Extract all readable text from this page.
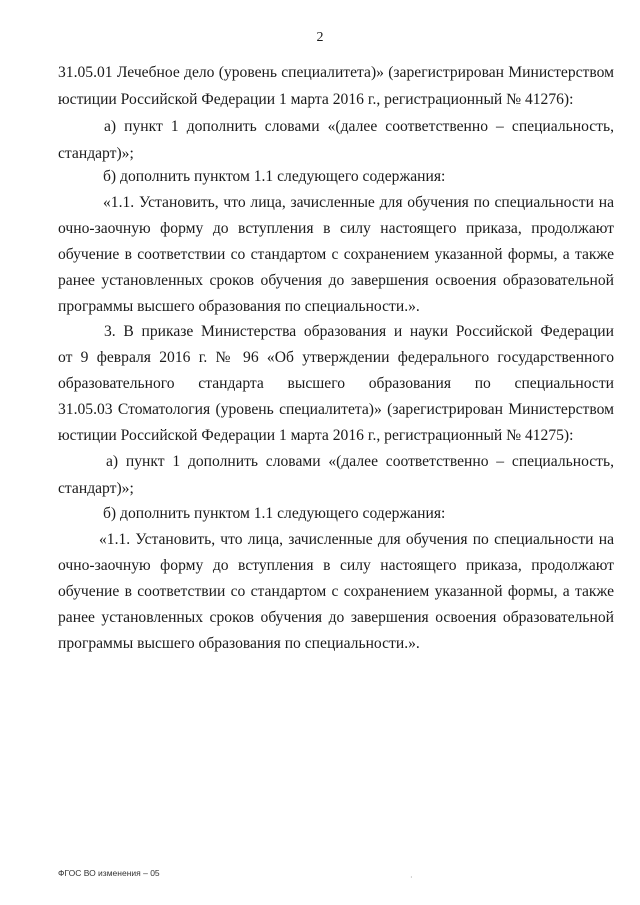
2
31.05.01 Лечебное дело (уровень специалитета)» (зарегистрирован Министерством
юстиции Российской Федерации 1 марта 2016 г., регистрационный № 41276):
а) пункт 1 дополнить словами «(далее соответственно – специальность,
стандарт)»;
б) дополнить пунктом 1.1 следующего содержания:
«1.1. Установить, что лица, зачисленные для обучения по специальности на
очно-заочную форму до вступления в силу настоящего приказа, продолжают
обучение в соответствии со стандартом с сохранением указанной формы, а также
ранее установленных сроков обучения до завершения освоения образовательной
программы высшего образования по специальности.».
3. В приказе Министерства образования и науки Российской Федерации
от 9 февраля 2016 г. № 96 «Об утверждении федерального государственного
образовательного стандарта высшего образования по специальности
31.05.03 Стоматология (уровень специалитета)» (зарегистрирован Министерством
юстиции Российской Федерации 1 марта 2016 г., регистрационный № 41275):
а) пункт 1 дополнить словами «(далее соответственно – специальность,
стандарт)»;
б) дополнить пунктом 1.1 следующего содержания:
«1.1. Установить, что лица, зачисленные для обучения по специальности на
очно-заочную форму до вступления в силу настоящего приказа, продолжают
обучение в соответствии со стандартом с сохранением указанной формы, а также
ранее установленных сроков обучения до завершения освоения образовательной
программы высшего образования по специальности.».
ФГОС ВО изменения – 05	·
